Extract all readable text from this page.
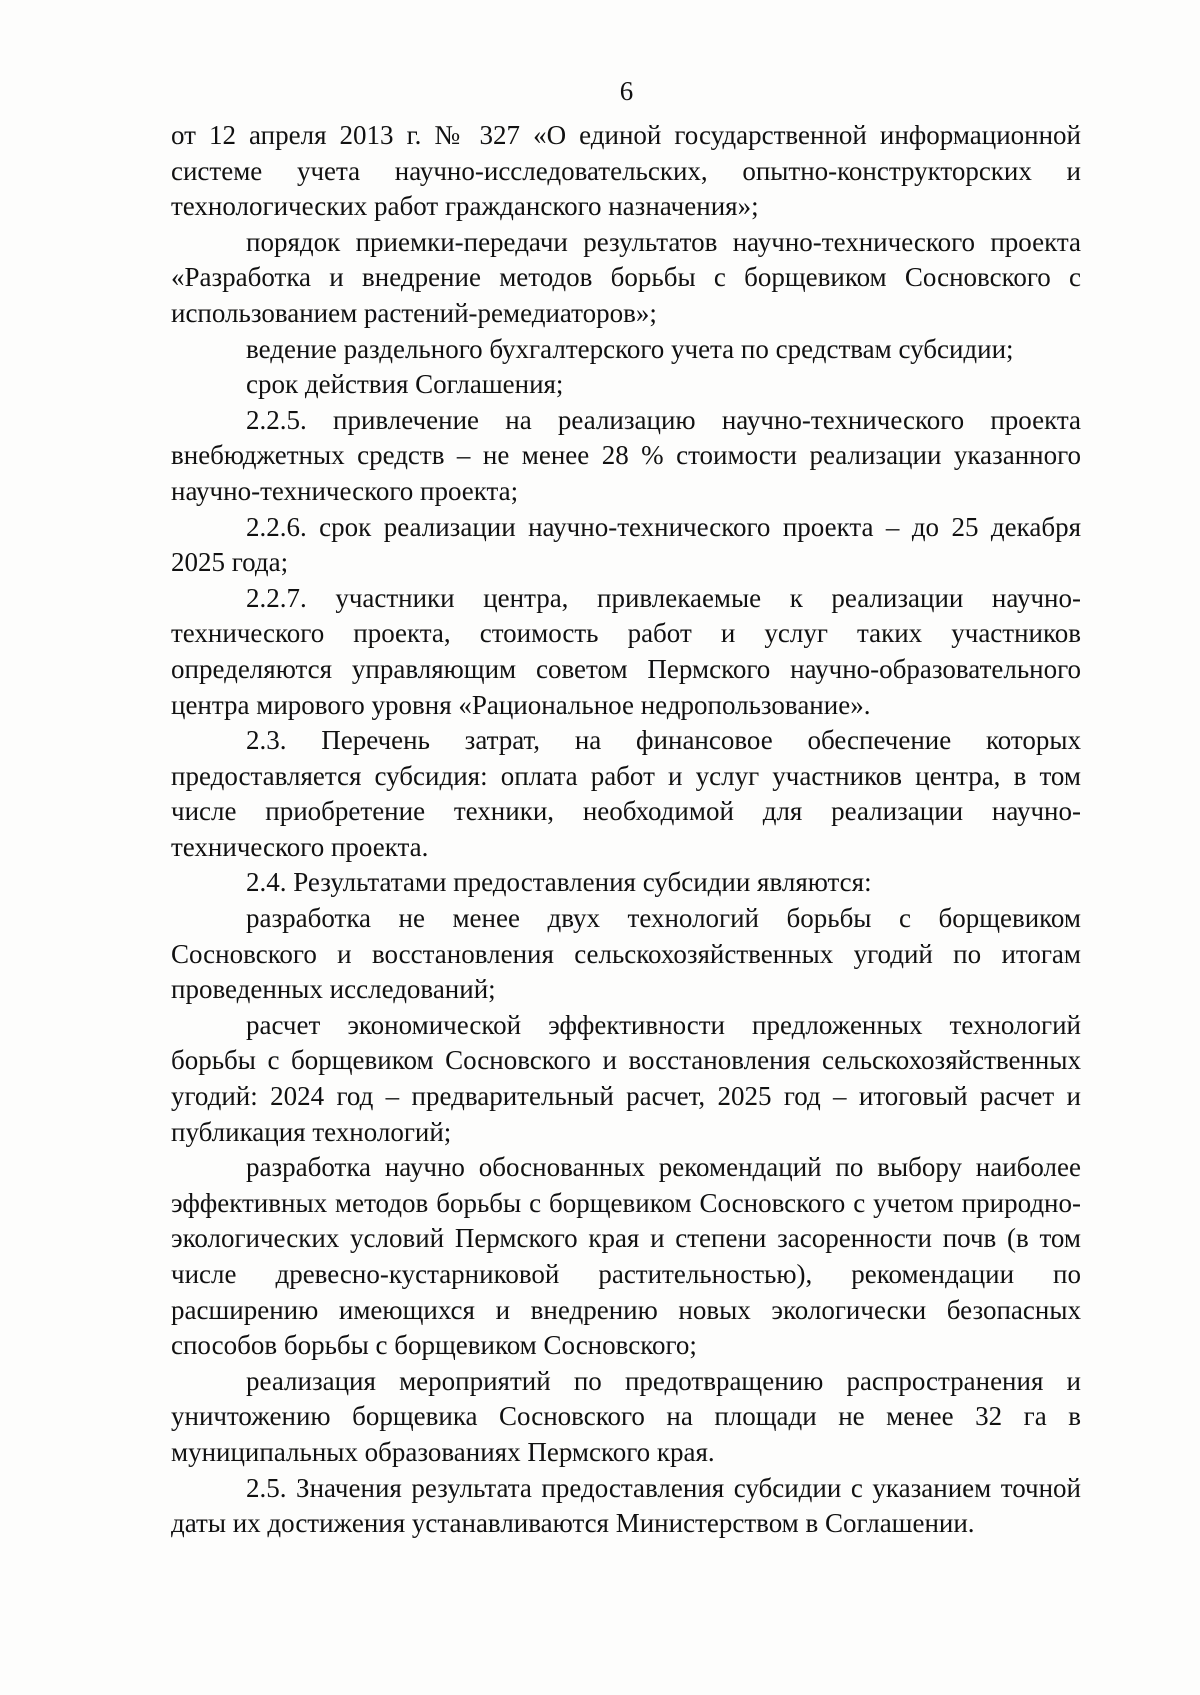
6

от 12 апреля 2013 г. № 327 «О единой государственной информационной системе учета научно-исследовательских, опытно-конструкторских и технологических работ гражданского назначения»;

порядок приемки-передачи результатов научно-технического проекта «Разработка и внедрение методов борьбы с борщевиком Сосновского с использованием растений-ремедиаторов»;

ведение раздельного бухгалтерского учета по средствам субсидии;

срок действия Соглашения;

2.2.5. привлечение на реализацию научно-технического проекта внебюджетных средств – не менее 28 % стоимости реализации указанного научно-технического проекта;

2.2.6. срок реализации научно-технического проекта – до 25 декабря 2025 года;

2.2.7. участники центра, привлекаемые к реализации научно-технического проекта, стоимость работ и услуг таких участников определяются управляющим советом Пермского научно-образовательного центра мирового уровня «Рациональное недропользование».

2.3. Перечень затрат, на финансовое обеспечение которых предоставляется субсидия: оплата работ и услуг участников центра, в том числе приобретение техники, необходимой для реализации научно-технического проекта.

2.4. Результатами предоставления субсидии являются:

разработка не менее двух технологий борьбы с борщевиком Сосновского и восстановления сельскохозяйственных угодий по итогам проведенных исследований;

расчет экономической эффективности предложенных технологий борьбы с борщевиком Сосновского и восстановления сельскохозяйственных угодий: 2024 год – предварительный расчет, 2025 год – итоговый расчет и публикация технологий;

разработка научно обоснованных рекомендаций по выбору наиболее эффективных методов борьбы с борщевиком Сосновского с учетом природно-экологических условий Пермского края и степени засоренности почв (в том числе древесно-кустарниковой растительностью), рекомендации по расширению имеющихся и внедрению новых экологически безопасных способов борьбы с борщевиком Сосновского;

реализация мероприятий по предотвращению распространения и уничтожению борщевика Сосновского на площади не менее 32 га в муниципальных образованиях Пермского края.

2.5. Значения результата предоставления субсидии с указанием точной даты их достижения устанавливаются Министерством в Соглашении.
